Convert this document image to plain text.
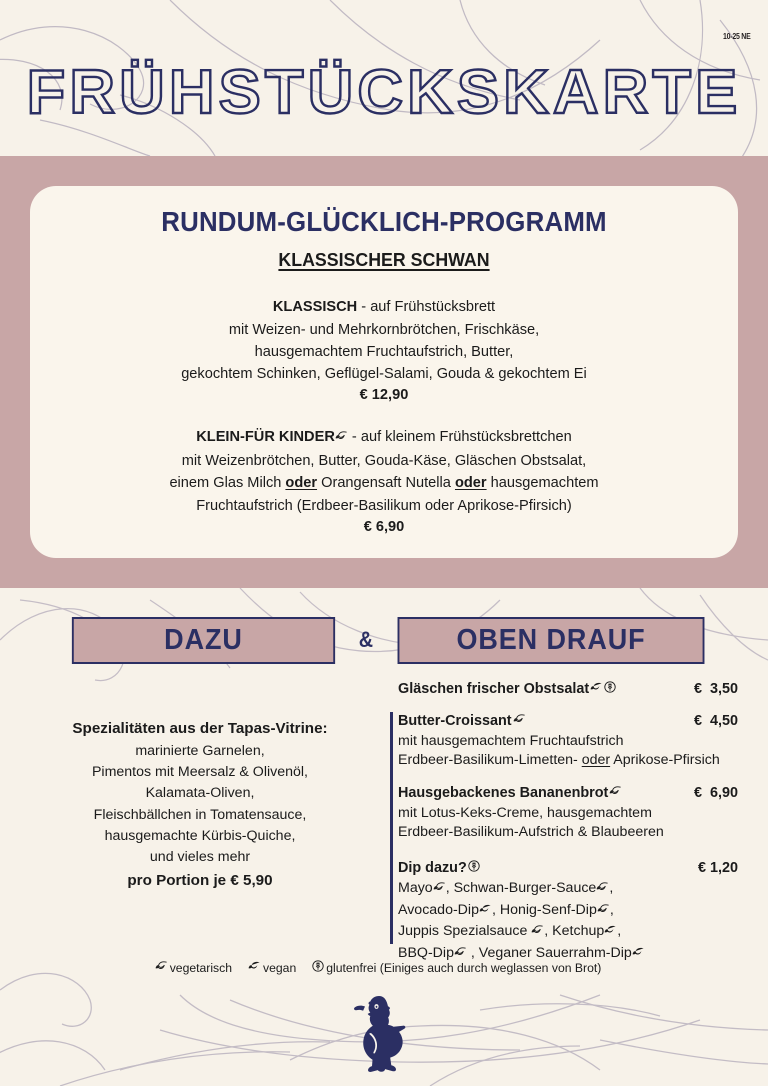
10-25 NE
FRÜHSTÜCKSKARTE
RUNDUM-GLÜCKLICH-PROGRAMM
KLASSISCHER SCHWAN
KLASSISCH - auf Frühstücksbrett
mit Weizen- und Mehrkornbrötchen, Frischkäse,
hausgemachtem Fruchtaufstrich, Butter,
gekochtem Schinken, Geflügel-Salami, Gouda & gekochtem Ei
€ 12,90
KLEIN-FÜR KINDER - auf kleinem Frühstücksbrettchen
mit Weizenbrötchen, Butter, Gouda-Käse, Gläschen Obstsalat,
einem Glas Milch oder Orangensaft Nutella oder hausgemachtem
Fruchtaufstrich (Erdbeer-Basilikum oder Aprikose-Pfirsich)
€ 6,90
DAZU	&	OBEN DRAUF
Spezialitäten aus der Tapas-Vitrine:
marinierte Garnelen,
Pimentos mit Meersalz & Olivenöl,
Kalamata-Oliven,
Fleischbällchen in Tomatensauce,
hausgemachte Kürbis-Quiche,
und vieles mehr
pro Portion je € 5,90
Gläschen frischer Obstsalat	€  3,50
Butter-Croissant	€  4,50
mit hausgemachtem Fruchtaufstrich
Erdbeer-Basilikum-Limetten- oder Aprikose-Pfirsich
Hausgebackenes Bananenbrot	€  6,90
mit Lotus-Keks-Creme, hausgemachtem
Erdbeer-Basilikum-Aufstrich & Blaubeeren
Dip dazu?	€ 1,20
Mayo , Schwan-Burger-Sauce ,
Avocado-Dip , Honig-Senf-Dip ,
Juppis Spezialsauce , Ketchup ,
BBQ-Dip , Veganer Sauerrahm-Dip
vegetarisch	vegan glutenfrei (Einiges auch durch weglassen von Brot)
